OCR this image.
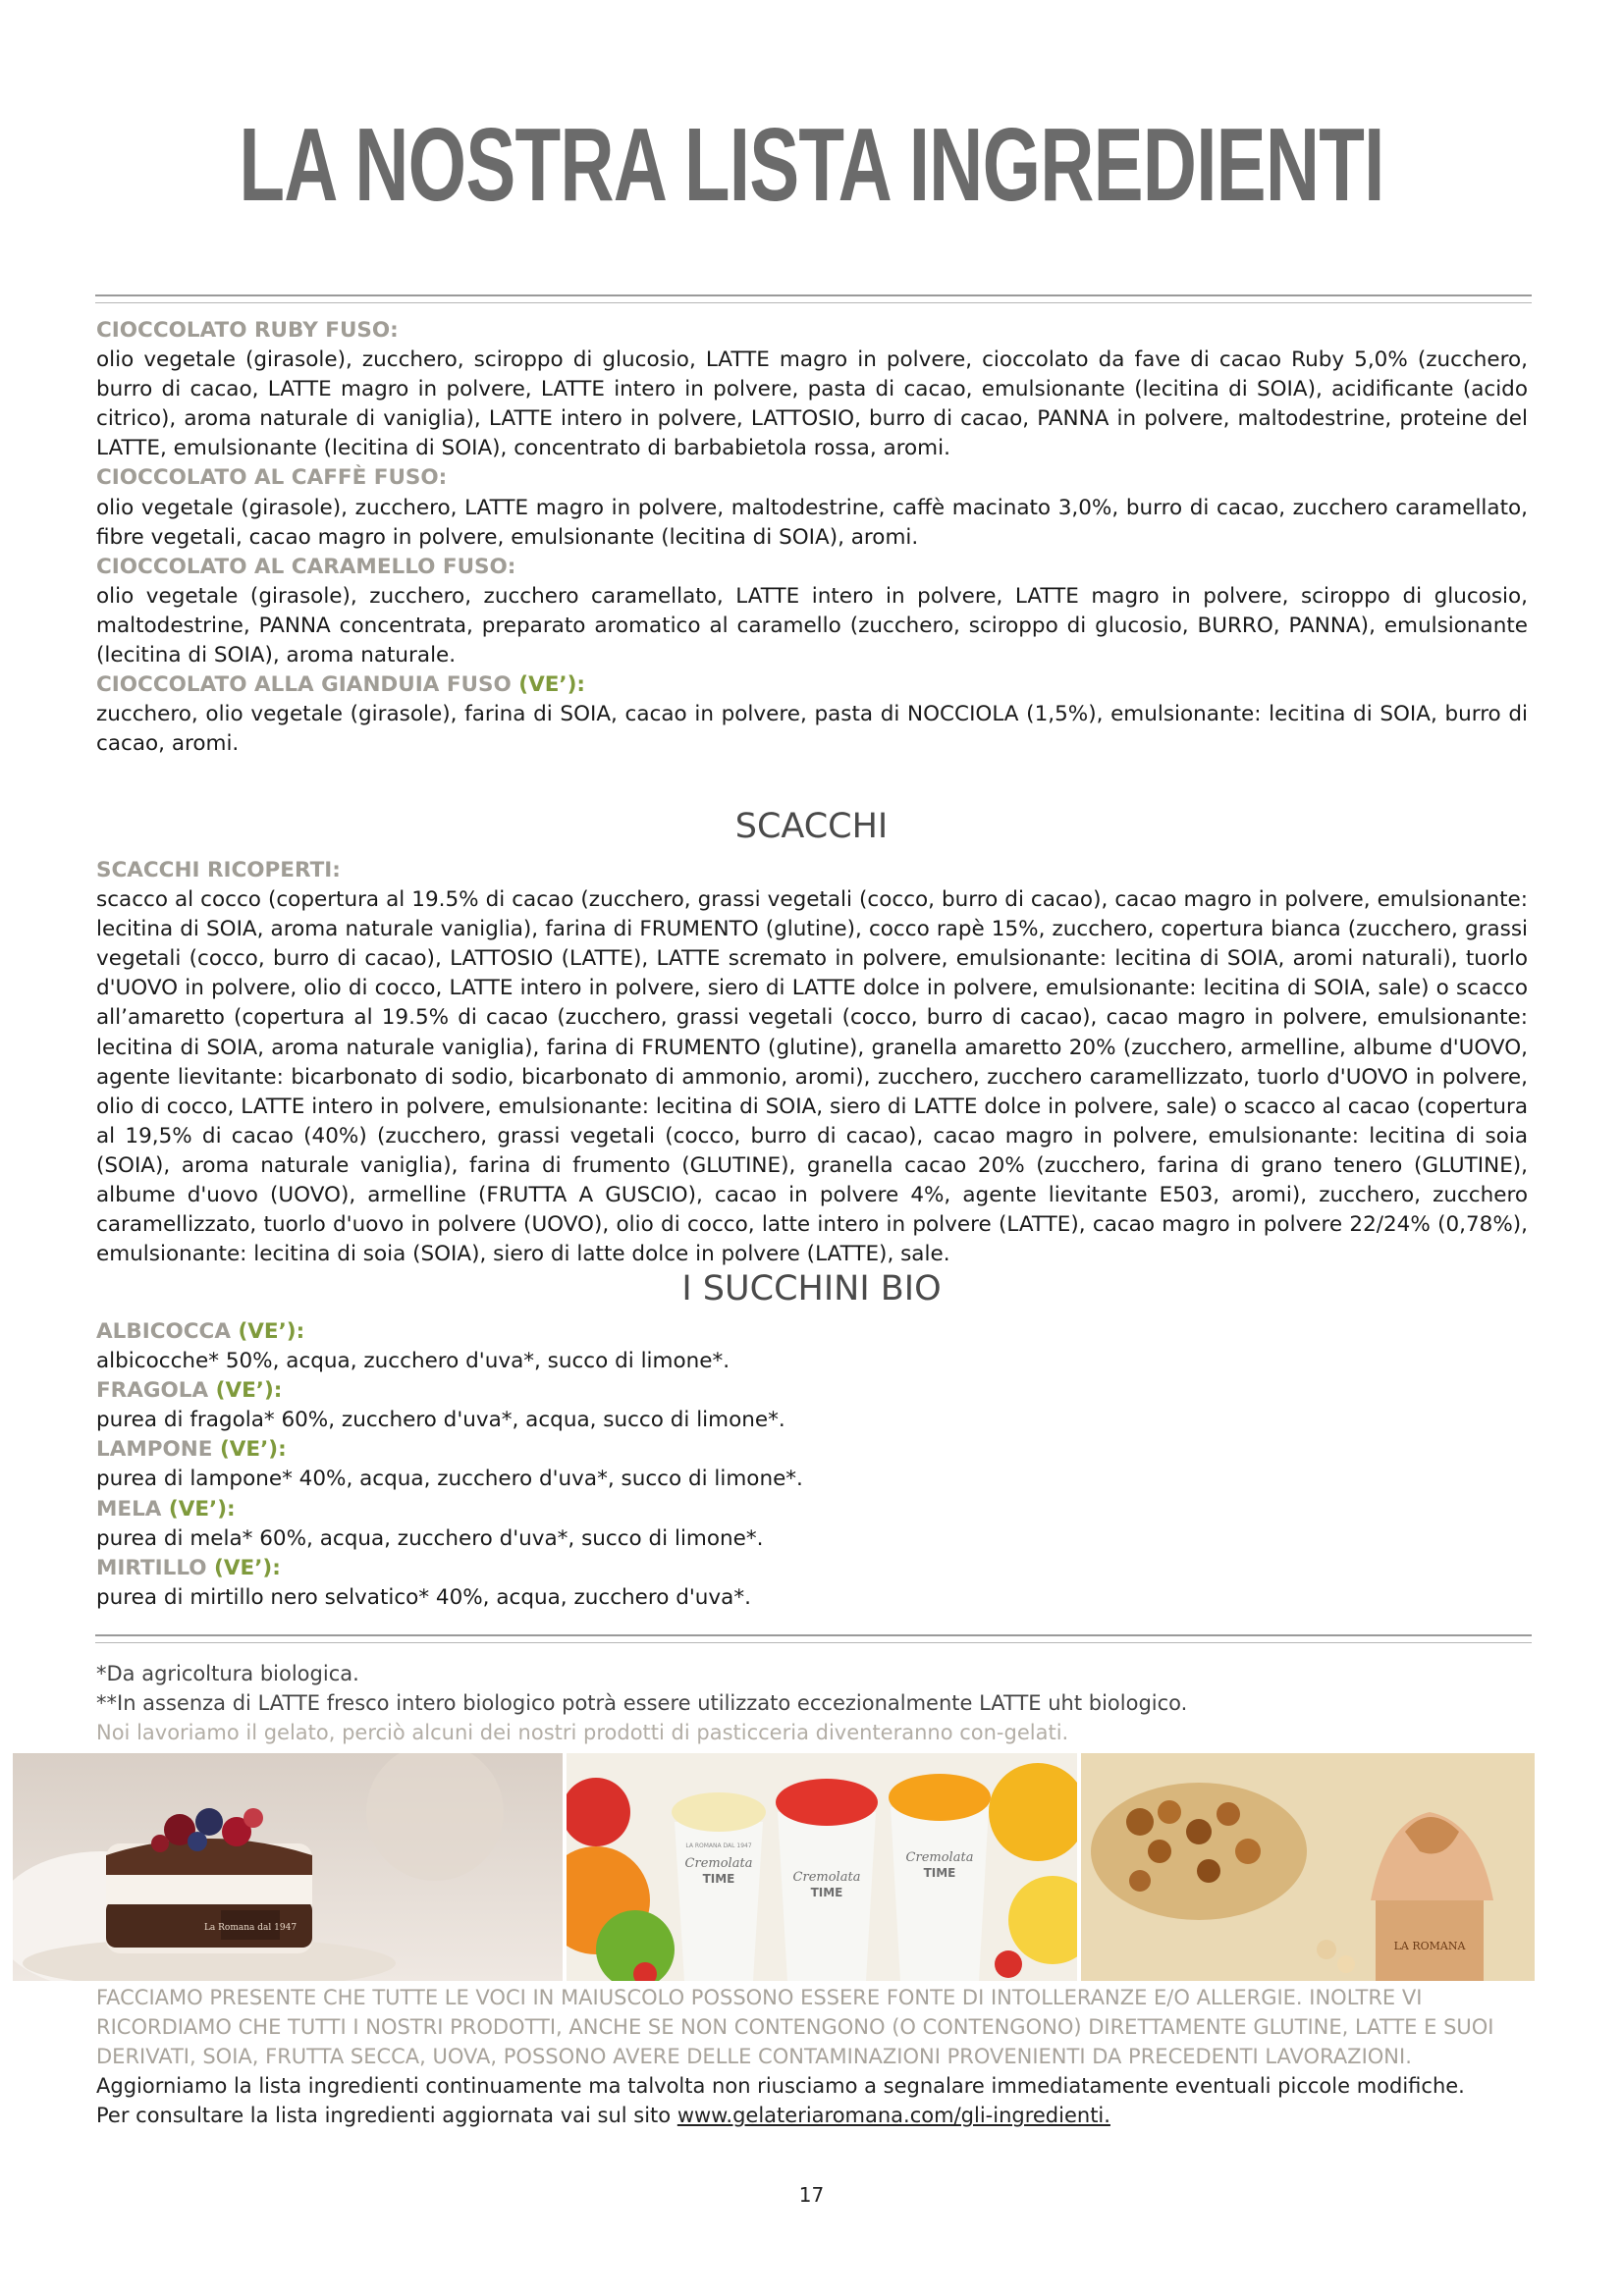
LA NOSTRA LISTA INGREDIENTI
CIOCCOLATO RUBY FUSO:
olio vegetale (girasole), zucchero, sciroppo di glucosio, LATTE magro in polvere, cioccolato da fave di cacao Ruby 5,0% (zucchero, burro di cacao, LATTE magro in polvere, LATTE intero in polvere, pasta di cacao, emulsionante (lecitina di SOIA), acidificante (acido citrico), aroma naturale di vaniglia), LATTE intero in polvere, LATTOSIO, burro di cacao, PANNA in polvere, maltodestrine, proteine del LATTE, emulsionante (lecitina di SOIA), concentrato di barbabietola rossa, aromi.
CIOCCOLATO AL CAFFÈ FUSO:
olio vegetale (girasole), zucchero, LATTE magro in polvere, maltodestrine, caffè macinato 3,0%, burro di cacao, zucchero caramellato, fibre vegetali, cacao magro in polvere, emulsionante (lecitina di SOIA), aromi.
CIOCCOLATO AL CARAMELLO FUSO:
olio vegetale (girasole), zucchero, zucchero caramellato, LATTE intero in polvere, LATTE magro in polvere, sciroppo di glucosio, maltodestrine, PANNA concentrata, preparato aromatico al caramello (zucchero, sciroppo di glucosio, BURRO, PANNA), emulsionante (lecitina di SOIA), aroma naturale.
CIOCCOLATO ALLA GIANDUIA FUSO (VE’):
zucchero, olio vegetale (girasole), farina di SOIA, cacao in polvere, pasta di NOCCIOLA (1,5%), emulsionante: lecitina di SOIA, burro di cacao, aromi.
SCACCHI
SCACCHI RICOPERTI:
scacco al cocco (copertura al 19.5% di cacao (zucchero, grassi vegetali (cocco, burro di cacao), cacao magro in polvere, emulsionante: lecitina di SOIA, aroma naturale vaniglia), farina di FRUMENTO (glutine), cocco rapè 15%, zucchero, copertura bianca (zucchero, grassi vegetali (cocco, burro di cacao), LATTOSIO (LATTE), LATTE scremato in polvere, emulsionante: lecitina di SOIA, aromi naturali), tuorlo d'UOVO in polvere, olio di cocco, LATTE intero in polvere, siero di LATTE dolce in polvere, emulsionante: lecitina di SOIA, sale) o scacco all’amaretto (copertura al 19.5% di cacao (zucchero, grassi vegetali (cocco, burro di cacao), cacao magro in polvere, emulsionante: lecitina di SOIA, aroma naturale vaniglia), farina di FRUMENTO (glutine), granella amaretto 20% (zucchero, armelline, albume d'UOVO, agente lievitante: bicarbonato di sodio, bicarbonato di ammonio, aromi), zucchero, zucchero caramellizzato, tuorlo d'UOVO in polvere, olio di cocco, LATTE intero in polvere, emulsionante: lecitina di SOIA, siero di LATTE dolce in polvere, sale) o scacco al cacao (copertura al 19,5% di cacao (40%) (zucchero, grassi vegetali (cocco, burro di cacao), cacao magro in polvere, emulsionante: lecitina di soia (SOIA), aroma naturale vaniglia), farina di frumento (GLUTINE), granella cacao 20% (zucchero, farina di grano tenero (GLUTINE), albume d'uovo (UOVO), armelline (FRUTTA A GUSCIO), cacao in polvere 4%, agente lievitante E503, aromi), zucchero, zucchero caramellizzato, tuorlo d'uovo in polvere (UOVO), olio di cocco, latte intero in polvere (LATTE), cacao magro in polvere 22/24% (0,78%), emulsionante: lecitina di soia (SOIA), siero di latte dolce in polvere (LATTE), sale.
I SUCCHINI BIO
ALBICOCCA (VE’):
albicocche* 50%, acqua, zucchero d'uva*, succo di limone*.
FRAGOLA (VE’):
purea di fragola* 60%, zucchero d'uva*, acqua, succo di limone*.
LAMPONE (VE’):
purea di lampone* 40%, acqua, zucchero d'uva*, succo di limone*.
MELA (VE’):
purea di mela* 60%, acqua, zucchero d'uva*, succo di limone*.
MIRTILLO (VE’):
purea di mirtillo nero selvatico* 40%, acqua, zucchero d'uva*.
*Da agricoltura biologica.
**In assenza di LATTE fresco intero biologico potrà essere utilizzato eccezionalmente LATTE uht biologico.
Noi lavoriamo il gelato, perciò alcuni dei nostri prodotti di pasticceria diventeranno con-gelati.
La Romana dal 1947
LA ROMANA DAL 1947
Cremolata
TIME	Cremolata
TIME
Cremolata
TIME
LA ROMANA
FACCIAMO PRESENTE CHE TUTTE LE VOCI IN MAIUSCOLO POSSONO ESSERE FONTE DI INTOLLERANZE E/O ALLERGIE. INOLTRE VI RICORDIAMO CHE TUTTI I NOSTRI PRODOTTI, ANCHE SE NON CONTENGONO (O CONTENGONO) DIRETTAMENTE GLUTINE, LATTE E SUOI DERIVATI, SOIA, FRUTTA SECCA, UOVA, POSSONO AVERE DELLE CONTAMINAZIONI PROVENIENTI DA PRECEDENTI LAVORAZIONI.
Aggiorniamo la lista ingredienti continuamente ma talvolta non riusciamo a segnalare immediatamente eventuali piccole modifiche.
Per consultare la lista ingredienti aggiornata vai sul sito www.gelateriaromana.com/gli-ingredienti.
17
